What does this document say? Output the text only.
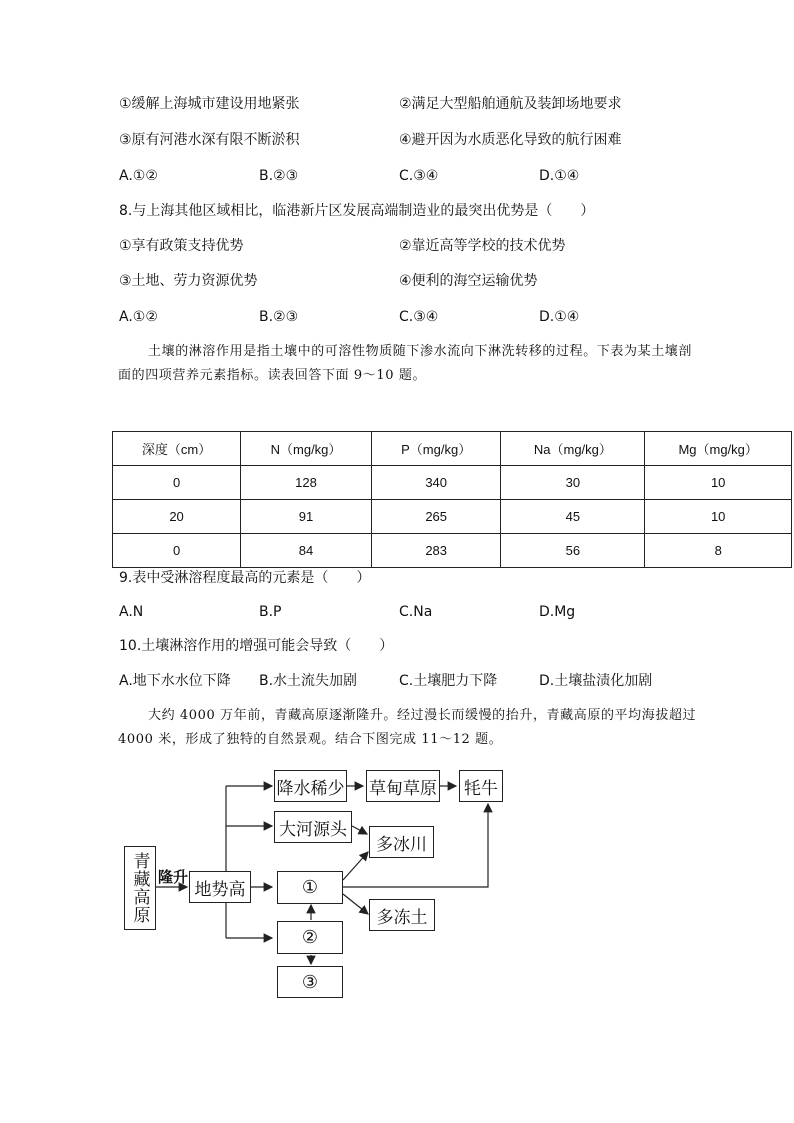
①缓解上海城市建设用地紧张	②满足大型船舶通航及装卸场地要求
③原有河港水深有限不断淤积	④避开因为水质恶化导致的航行困难
A.①②	B.②③	C.③④	D.①④
8.与上海其他区域相比，临港新片区发展高端制造业的最突出优势是（　　）
①享有政策支持优势	②靠近高等学校的技术优势
③土地、劳力资源优势	④便利的海空运输优势
A.①②	B.②③	C.③④	D.①④

土壤的淋溶作用是指土壤中的可溶性物质随下渗水流向下淋洗转移的过程。下表为某土壤剖面的四项营养元素指标。读表回答下面 9～10 题。

深度（cm）	N（mg/kg）	P（mg/kg）	Na（mg/kg）	Mg（mg/kg）
0	128	340	30	10
20	91	265	45	10
0	84	283	56	8
9.表中受淋溶程度最高的元素是（　　）
A.N	B.P	C.Na	D.Mg
10.土壤淋溶作用的增强可能会导致（　　）
A.地下水水位下降 B.水土流失加剧	C.土壤肥力下降	D.土壤盐渍化加剧

大约 4000 万年前，青藏高原逐渐隆升。经过漫长而缓慢的抬升，青藏高原的平均海拔超过 4000 米，形成了独特的自然景观。结合下图完成 11～12 题。

青藏高原 隆升
地势高
降水稀少 草甸草原 牦牛
大河源头
多冰川
①
多冻土
②
③
